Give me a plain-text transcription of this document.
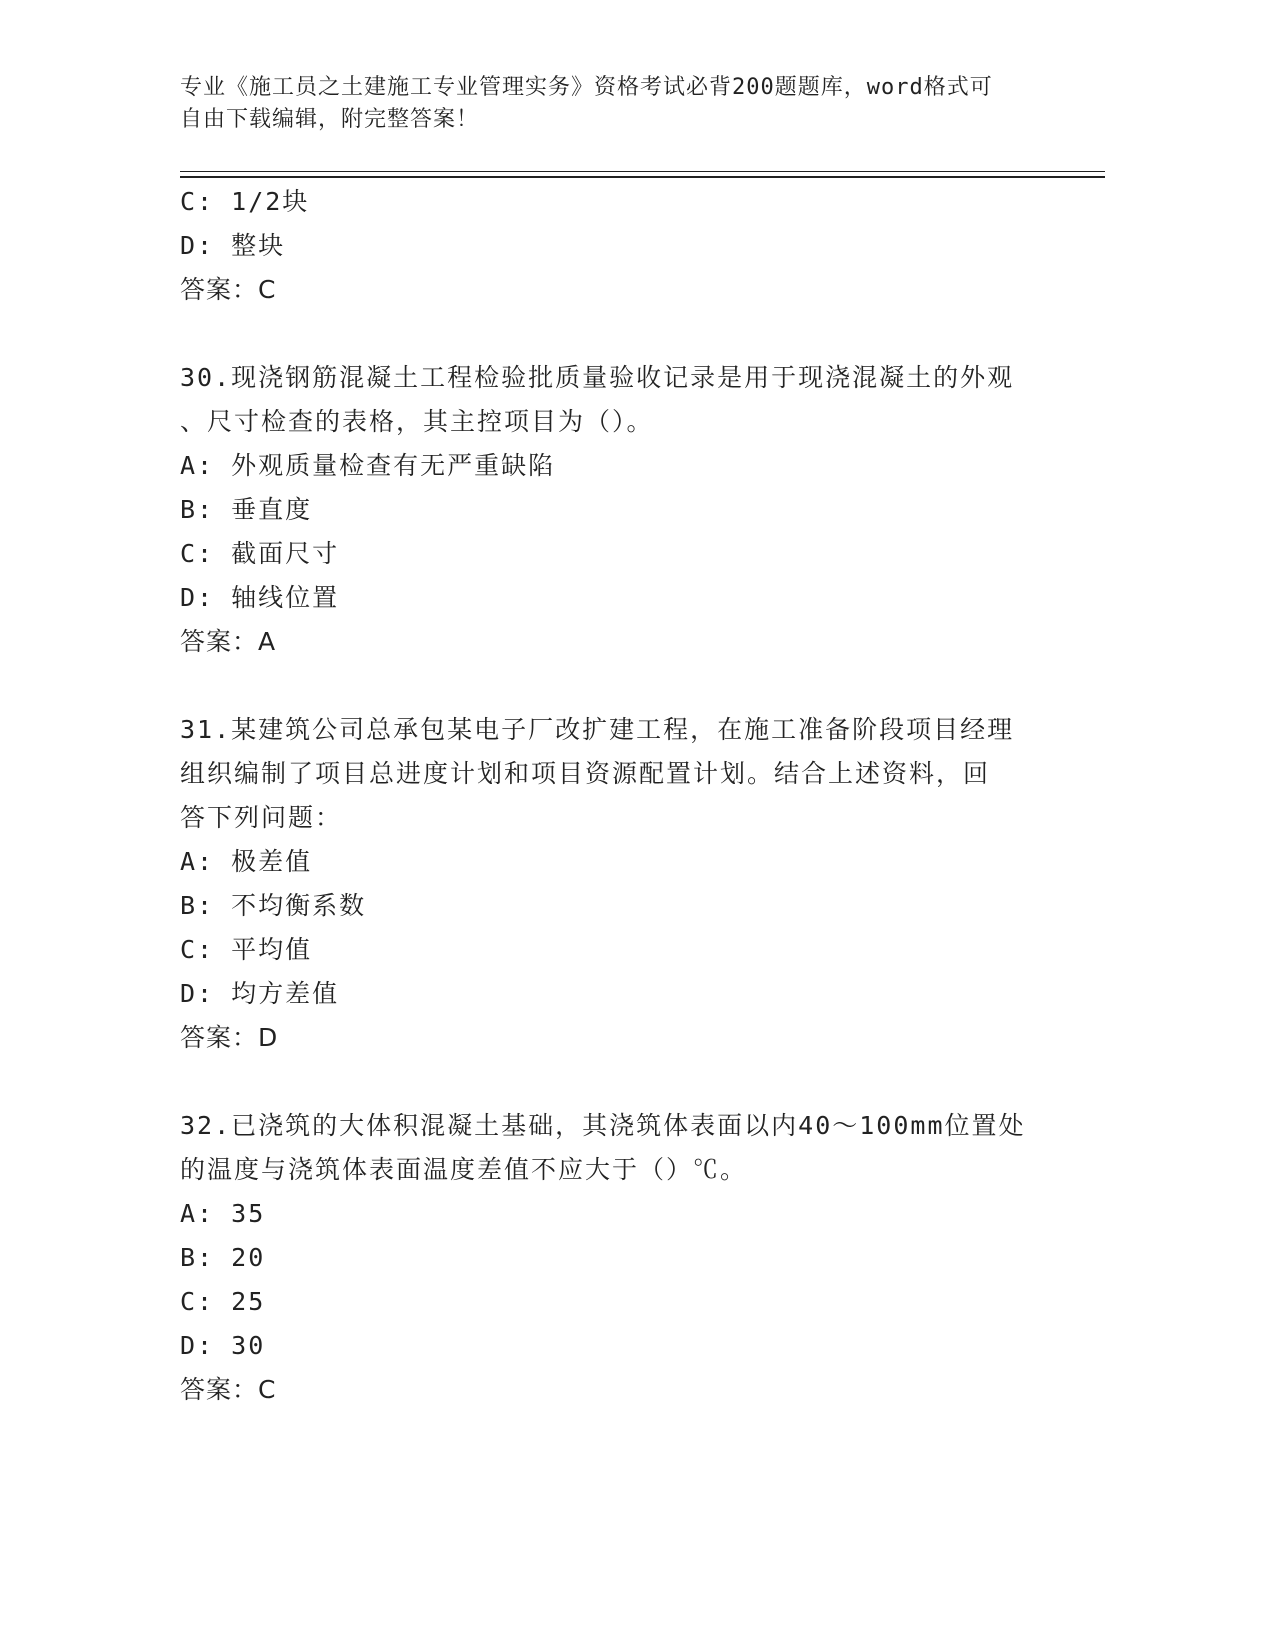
专业《施工员之土建施工专业管理实务》资格考试必背200题题库，word格式可
自由下载编辑，附完整答案！
C: 1/2块
D: 整块
答案：C
30.现浇钢筋混凝土工程检验批质量验收记录是用于现浇混凝土的外观
、尺寸检查的表格，其主控项目为（）。
A: 外观质量检查有无严重缺陷
B: 垂直度
C: 截面尺寸
D: 轴线位置
答案：A
31.某建筑公司总承包某电子厂改扩建工程，在施工准备阶段项目经理
组织编制了项目总进度计划和项目资源配置计划。结合上述资料，回
答下列问题：
A: 极差值
B: 不均衡系数
C: 平均值
D: 均方差值
答案：D
32.已浇筑的大体积混凝土基础，其浇筑体表面以内40～100mm位置处
的温度与浇筑体表面温度差值不应大于（）℃。
A: 35
B: 20
C: 25
D: 30
答案：C
